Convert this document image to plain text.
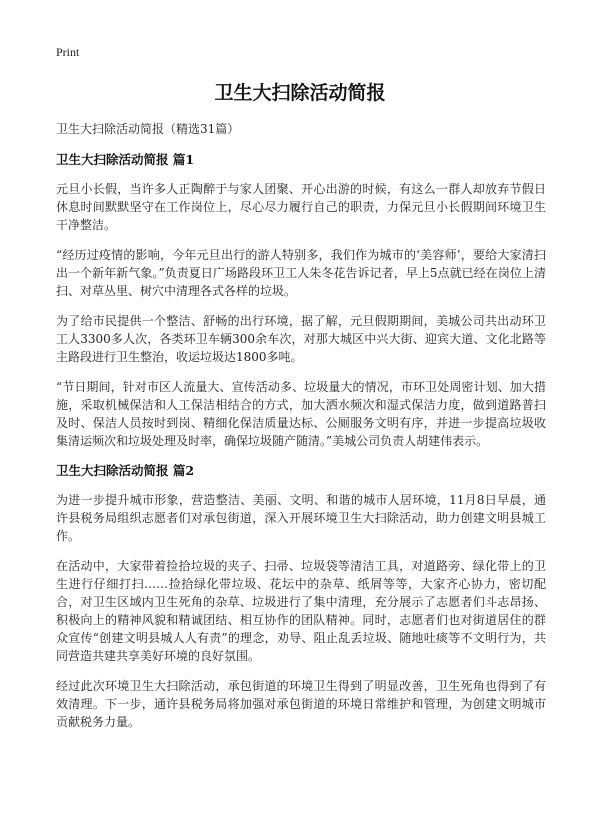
Print
卫生大扫除活动简报

卫生大扫除活动简报（精选31篇）

卫生大扫除活动简报 篇1

元旦小长假，当许多人正陶醉于与家人团聚、开心出游的时候，有这么一群人却放弃节假日休息时间默默坚守在工作岗位上，尽心尽力履行自己的职责，力保元旦小长假期间环境卫生干净整洁。

“经历过疫情的影响，今年元旦出行的游人特别多，我们作为城市的‘美容师’，要给大家清扫出一个新年新气象。”负责夏日广场路段环卫工人朱冬花告诉记者，早上5点就已经在岗位上清扫、对草丛里、树穴中清理各式各样的垃圾。

为了给市民提供一个整洁、舒畅的出行环境，据了解，元旦假期期间，美城公司共出动环卫工人3300多人次，各类环卫车辆300余车次，对那大城区中兴大街、迎宾大道、文化北路等主路段进行卫生整治，收运垃圾达1800多吨。

“节日期间，针对市区人流量大、宣传活动多、垃圾量大的情况，市环卫处周密计划、加大措施，采取机械保洁和人工保洁相结合的方式，加大洒水频次和湿式保洁力度，做到道路普扫及时、保洁人员按时到岗、精细化保洁质量达标、公厕服务文明有序，并进一步提高垃圾收集清运频次和垃圾处理及时率，确保垃圾随产随清。”美城公司负责人胡建伟表示。

卫生大扫除活动简报 篇2

为进一步提升城市形象，营造整洁、美丽、文明、和谐的城市人居环境，11月8日早晨，通许县税务局组织志愿者们对承包街道，深入开展环境卫生大扫除活动，助力创建文明县城工作。

在活动中，大家带着捡拾垃圾的夹子、扫帚、垃圾袋等清洁工具，对道路旁、绿化带上的卫生进行仔细打扫……捡拾绿化带垃圾、花坛中的杂草、纸屑等等，大家齐心协力，密切配合，对卫生区域内卫生死角的杂草、垃圾进行了集中清理，充分展示了志愿者们斗志昂扬、积极向上的精神风貌和精诚团结、相互协作的团队精神。同时，志愿者们也对街道居住的群众宣传“创建文明县城人人有责”的理念，劝导、阻止乱丢垃圾、随地吐痰等不文明行为，共同营造共建共享美好环境的良好氛围。

经过此次环境卫生大扫除活动，承包街道的环境卫生得到了明显改善，卫生死角也得到了有效清理。下一步，通许县税务局将加强对承包街道的环境日常维护和管理，为创建文明城市贡献税务力量。
